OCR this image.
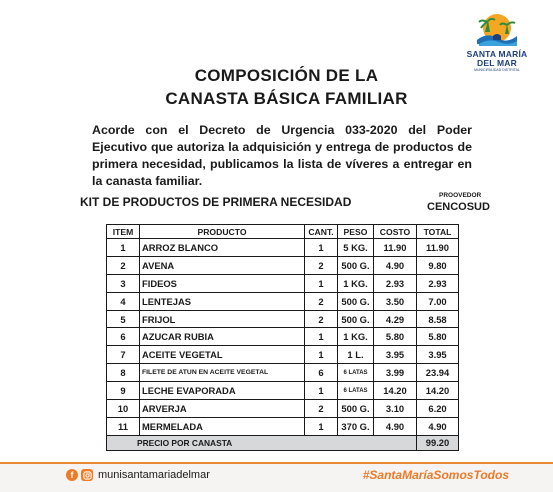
SANTA MARÍA
DEL MAR
MUNICIPALIDAD DISTRITAL
COMPOSICIÓN DE LA
CANASTA BÁSICA FAMILIAR
Acorde con el Decreto de Urgencia 033-2020 del Poder Ejecutivo que autoriza la adquisición y entrega de productos de primera necesidad, publicamos la lista de víveres a entregar en la canasta familiar.
KIT DE PRODUCTOS DE PRIMERA NECESIDAD	PROOVEDOR
CENCOSUD
ITEM	PRODUCTO	CANT.	PESO	COSTO	TOTAL
1	ARROZ BLANCO	1	5 KG.	11.90	11.90
2	AVENA	2	500 G.	4.90	9.80
3	FIDEOS	1	1 KG.	2.93	2.93
4	LENTEJAS	2	500 G.	3.50	7.00
5	FRIJOL	2	500 G.	4.29	8.58
6	AZUCAR RUBIA	1	1 KG.	5.80	5.80
7	ACEITE VEGETAL	1	1 L.	3.95	3.95
8	FILETE DE ATUN EN ACEITE VEGETAL	6	6 LATAS	3.99	23.94
9	LECHE EVAPORADA	1	6 LATAS	14.20	14.20
10	ARVERJA	2	500 G.	3.10	6.20
11	MERMELADA	1	370 G.	4.90	4.90
PRECIO POR CANASTA					99.20
f	munisantamariadelmar	#SantaMaríaSomosTodos
